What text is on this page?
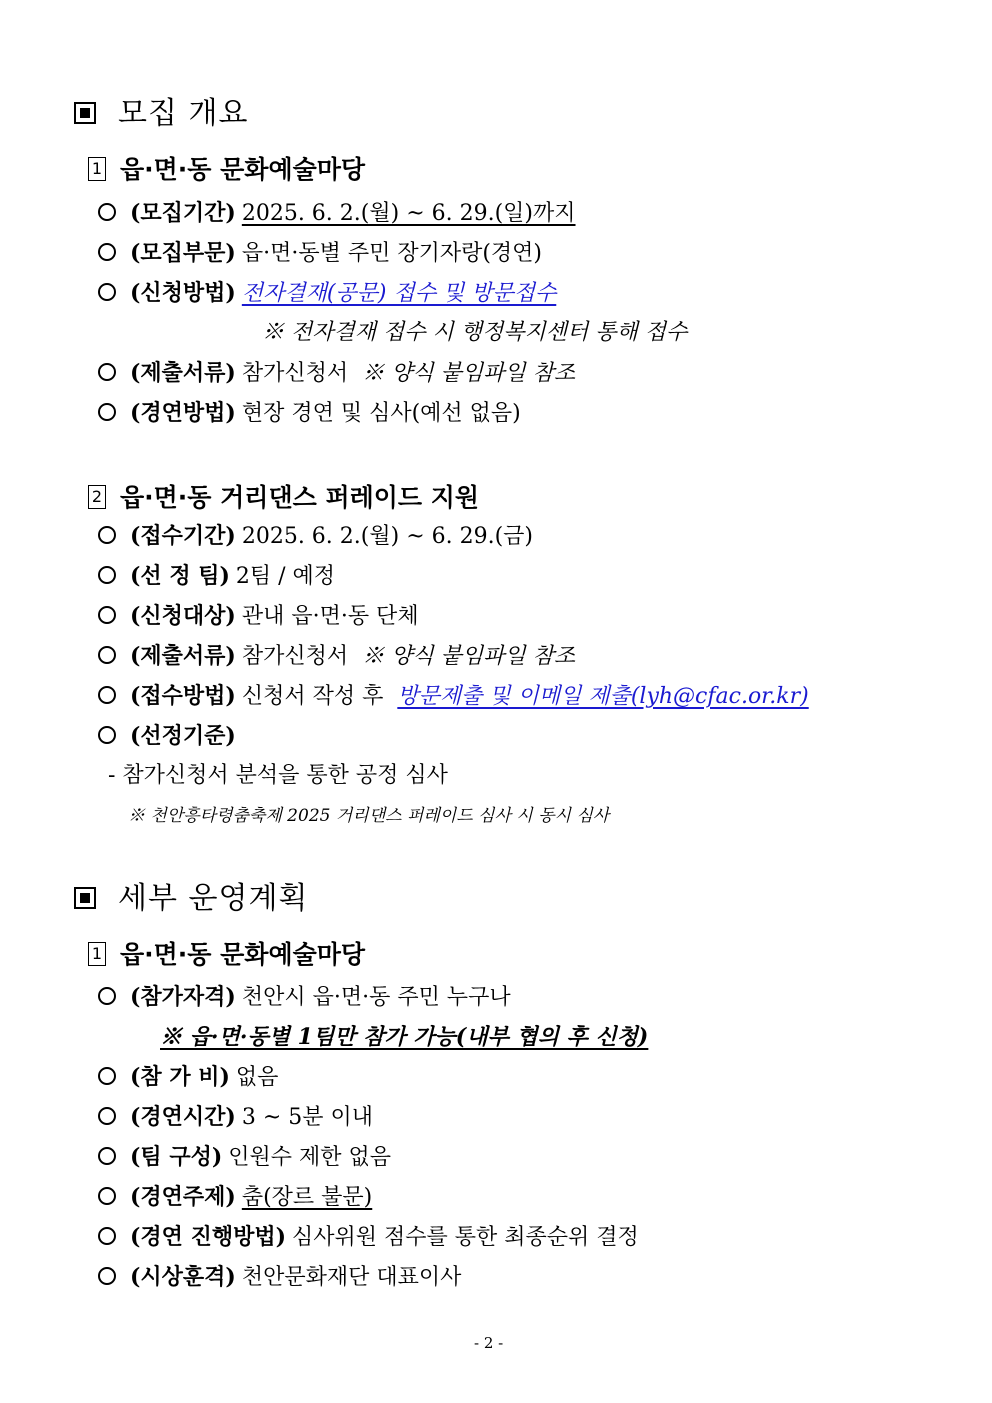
모집 개요
1 읍·면·동 문화예술마당
(모집기간) 2025. 6. 2.(월) ~ 6. 29.(일)까지
(모집부문) 읍·면·동별 주민 장기자랑(경연)
(신청방법) 전자결재(공문) 접수 및 방문접수
※ 전자결재 접수 시 행정복지센터 통해 접수
(제출서류) 참가신청서 ※ 양식 붙임파일 참조
(경연방법) 현장 경연 및 심사(예선 없음)
2 읍·면·동 거리댄스 퍼레이드 지원
(접수기간) 2025. 6. 2.(월) ~ 6. 29.(금)
(선 정 팀) 2팀 / 예정
(신청대상) 관내 읍·면·동 단체
(제출서류) 참가신청서 ※ 양식 붙임파일 참조
(접수방법) 신청서 작성 후 방문제출 및 이메일 제출(lyh@cfac.or.kr)
(선정기준)
- 참가신청서 분석을 통한 공정 심사
※ 천안흥타령춤축제 2025 거리댄스 퍼레이드 심사 시 동시 심사
세부 운영계획
1 읍·면·동 문화예술마당
(참가자격) 천안시 읍·면·동 주민 누구나
※ 읍·면·동별 1팀만 참가 가능(내부 협의 후 신청)
(참 가 비) 없음
(경연시간) 3 ~ 5분 이내
(팀 구성) 인원수 제한 없음
(경연주제) 춤(장르 불문)
(경연 진행방법) 심사위원 점수를 통한 최종순위 결정
(시상훈격) 천안문화재단 대표이사
- 2 -
